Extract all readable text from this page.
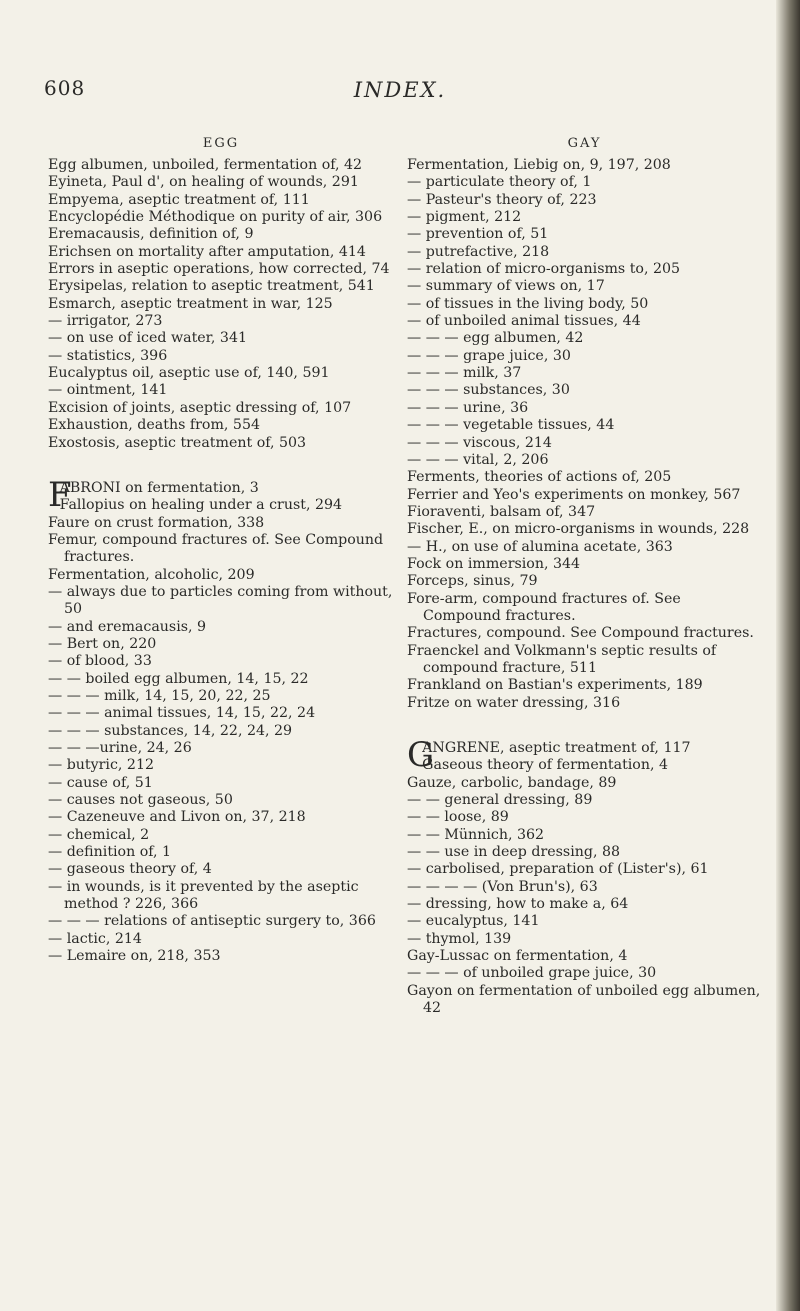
608	INDEX.
EGG

Egg albumen, unboiled, fermentation of, 42

Eyineta, Paul d', on healing of wounds, 291

Empyema, aseptic treatment of, 111

Encyclopédie Méthodique on purity of air, 306

Eremacausis, definition of, 9

Erichsen on mortality after amputation, 414

Errors in aseptic operations, how corrected, 74

Erysipelas, relation to aseptic treatment, 541

Esmarch, aseptic treatment in war, 125

— irrigator, 273

— on use of iced water, 341

— statistics, 396

Eucalyptus oil, aseptic use of, 140, 591

— ointment, 141

Excision of joints, aseptic dressing of, 107

Exhaustion, deaths from, 554

Exostosis, aseptic treatment of, 503

F

ABRONI on fermentation, 3

Fallopius on healing under a crust, 294

Faure on crust formation, 338

Femur, compound fractures of. See Compound fractures.

Fermentation, alcoholic, 209

— always due to particles coming from without, 50

— and eremacausis, 9

— Bert on, 220

— of blood, 33

— — boiled egg albumen, 14, 15, 22

— — — milk, 14, 15, 20, 22, 25

— — — animal tissues, 14, 15, 22, 24

— — — substances, 14, 22, 24, 29

— — —urine, 24, 26

— butyric, 212

— cause of, 51

— causes not gaseous, 50

— Cazeneuve and Livon on, 37, 218

— chemical, 2

— definition of, 1

— gaseous theory of, 4

— in wounds, is it prevented by the aseptic method ? 226, 366

— — — relations of antiseptic surgery to, 366

— lactic, 214

— Lemaire on, 218, 353

GAY

Fermentation, Liebig on, 9, 197, 208

— particulate theory of, 1

— Pasteur's theory of, 223

— pigment, 212

— prevention of, 51

— putrefactive, 218

— relation of micro-organisms to, 205

— summary of views on, 17

— of tissues in the living body, 50

— of unboiled animal tissues, 44

— — — egg albumen, 42

— — — grape juice, 30

— — — milk, 37

— — — substances, 30

— — — urine, 36

— — — vegetable tissues, 44

— — — viscous, 214

— — — vital, 2, 206

Ferments, theories of actions of, 205

Ferrier and Yeo's experiments on monkey, 567

Fioraventi, balsam of, 347

Fischer, E., on micro-organisms in wounds, 228

— H., on use of alumina acetate, 363

Fock on immersion, 344

Forceps, sinus, 79

Fore-arm, compound fractures of. See Compound fractures.

Fractures, compound. See Compound fractures.

Fraenckel and Volkmann's septic results of compound fracture, 511

Frankland on Bastian's experiments, 189

Fritze on water dressing, 316

G

ANGRENE, aseptic treatment of, 117

Gaseous theory of fermentation, 4

Gauze, carbolic, bandage, 89

— — general dressing, 89

— — loose, 89

— — Münnich, 362

— — use in deep dressing, 88

— carbolised, preparation of (Lister's), 61

— — — — (Von Brun's), 63

— dressing, how to make a, 64

— eucalyptus, 141

— thymol, 139

Gay-Lussac on fermentation, 4

— — — of unboiled grape juice, 30

Gayon on fermentation of unboiled egg albumen, 42
